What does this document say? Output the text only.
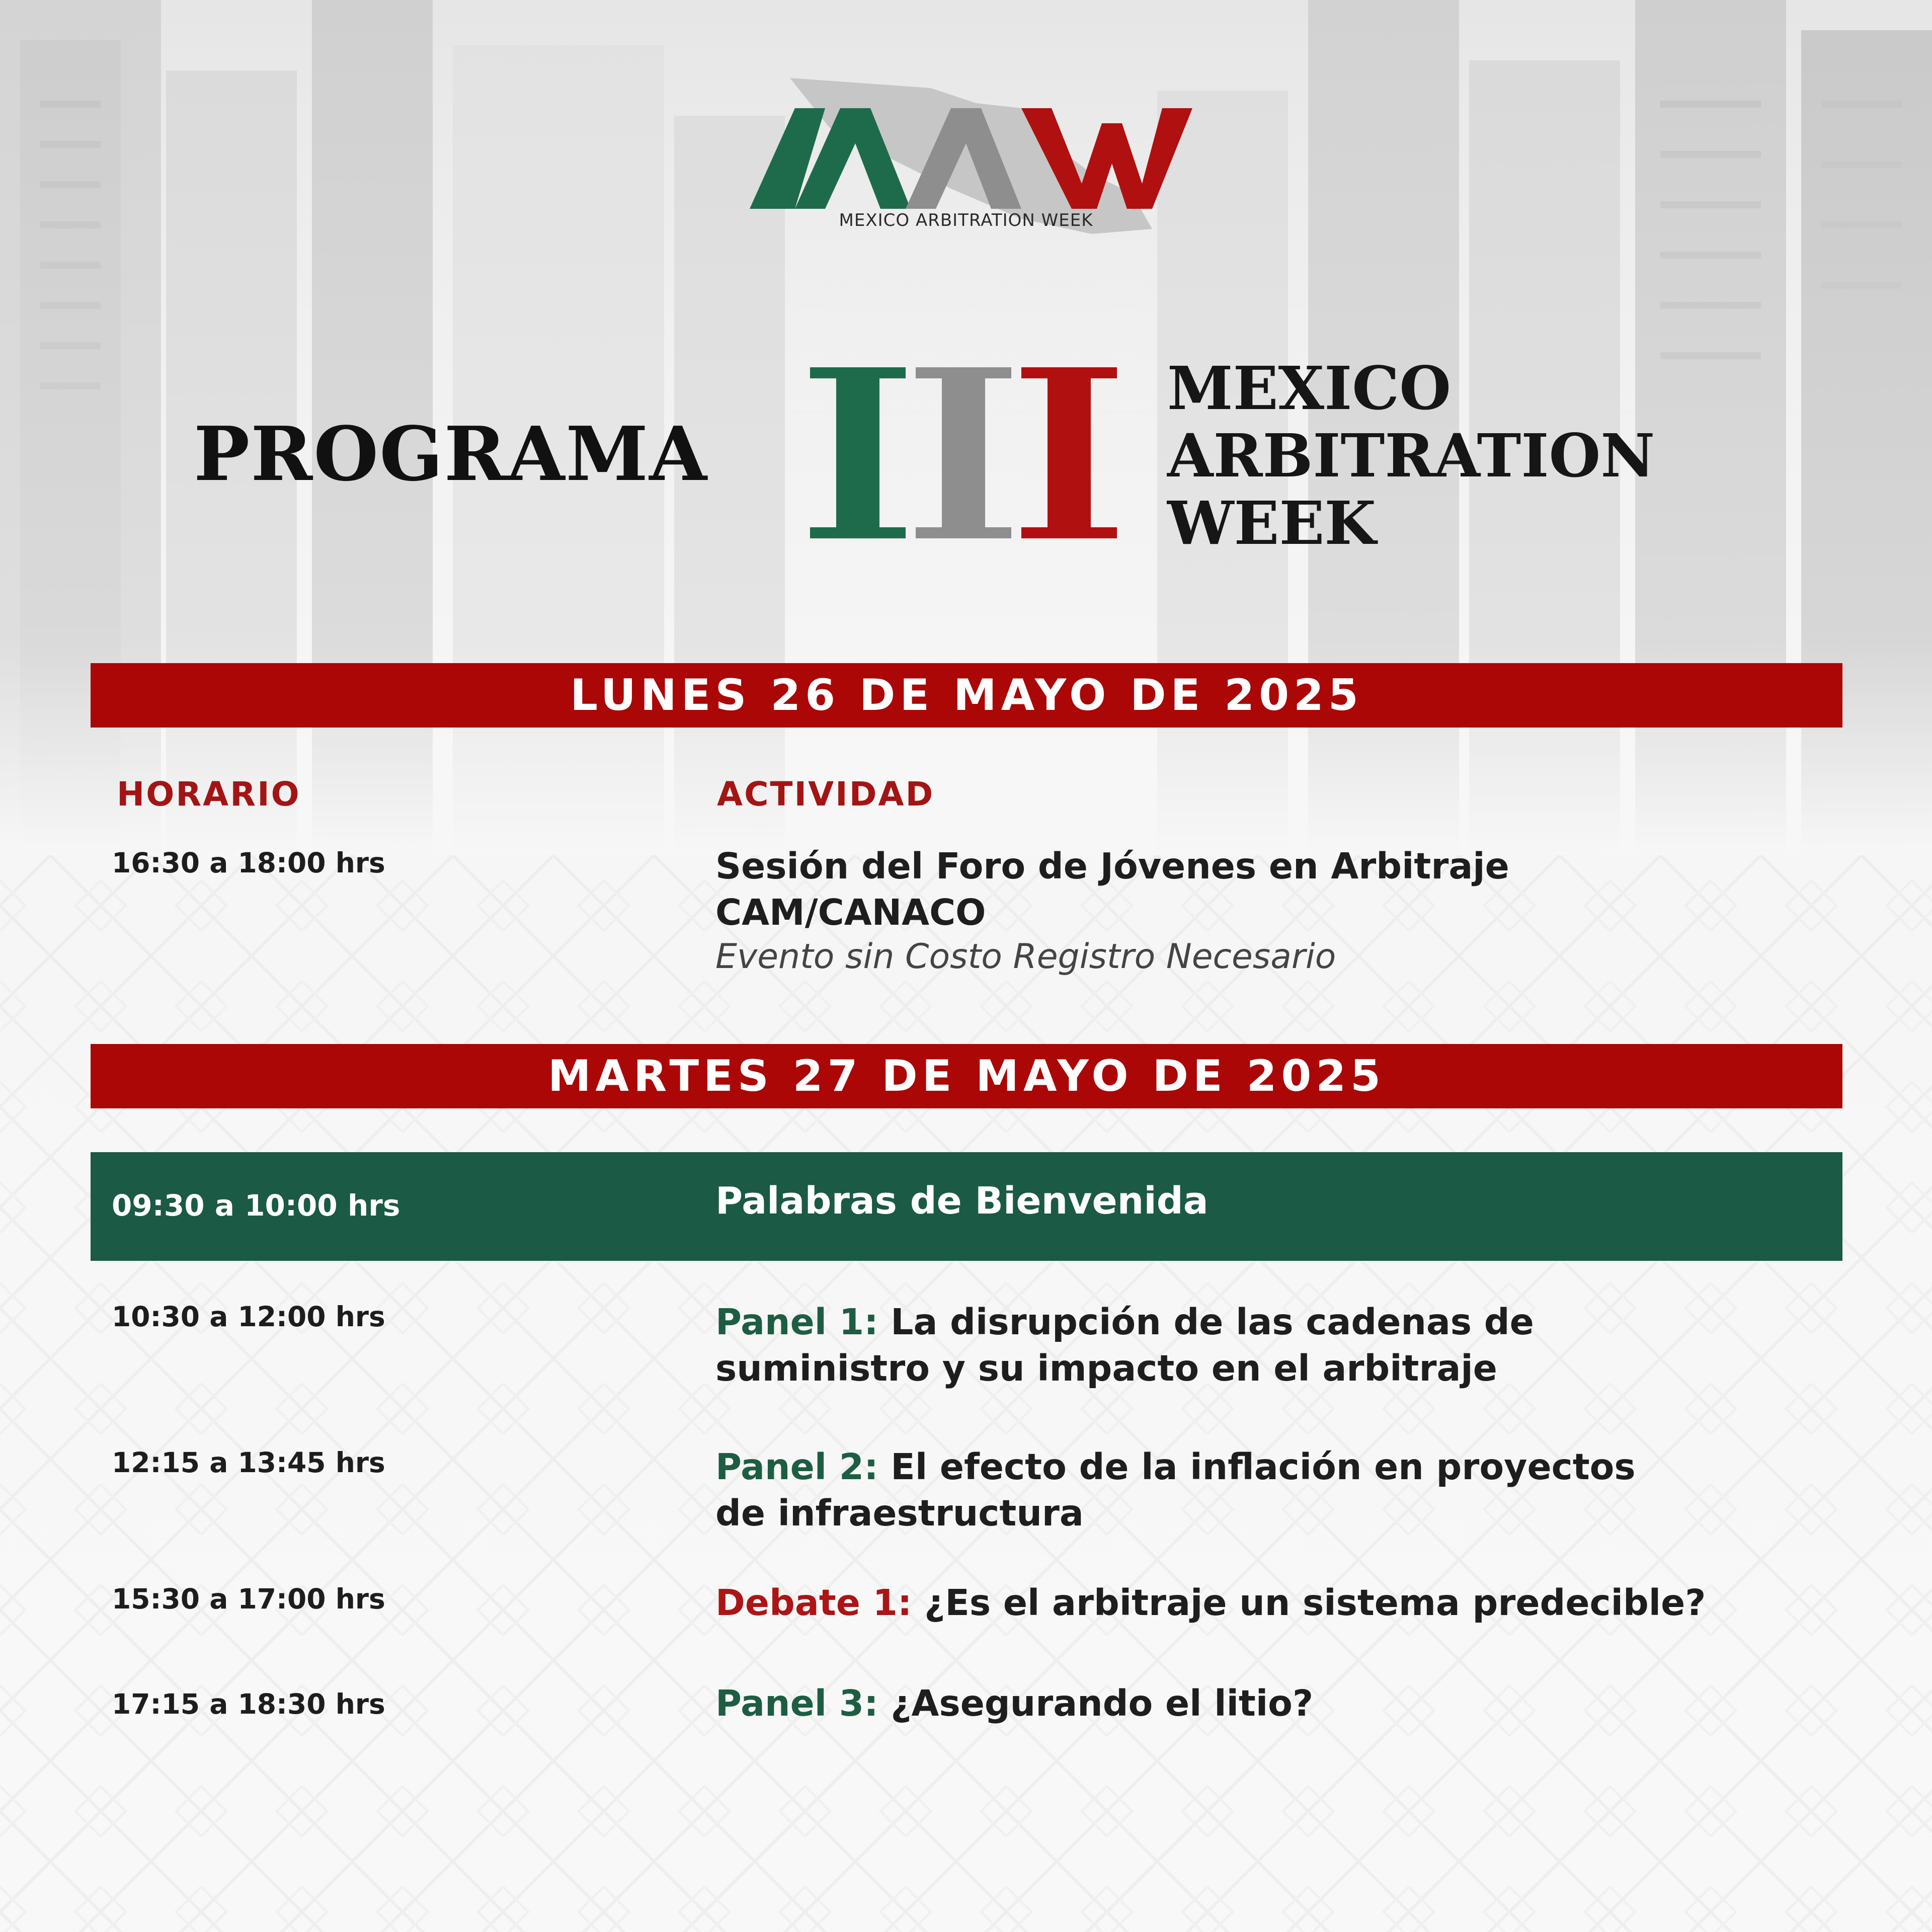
MEXICO ARBITRATION WEEK
PROGRAMA
MEXICO
ARBITRATION
WEEK
LUNES 26 DE MAYO DE 2025
HORARIO	ACTIVIDAD
16:30 a 18:00 hrs	Sesión del Foro de Jóvenes en Arbitraje
CAM/CANACO
Evento sin Costo Registro Necesario
MARTES 27 DE MAYO DE 2025
09:30 a 10:00 hrs	Palabras de Bienvenida
10:30 a 12:00 hrs	Panel 1: La disrupción de las cadenas de
suministro y su impacto en el arbitraje
12:15 a 13:45 hrs	Panel 2: El efecto de la inflación en proyectos
de infraestructura
15:30 a 17:00 hrs	Debate 1: ¿Es el arbitraje un sistema predecible?
17:15 a 18:30 hrs	Panel 3: ¿Asegurando el litio?
